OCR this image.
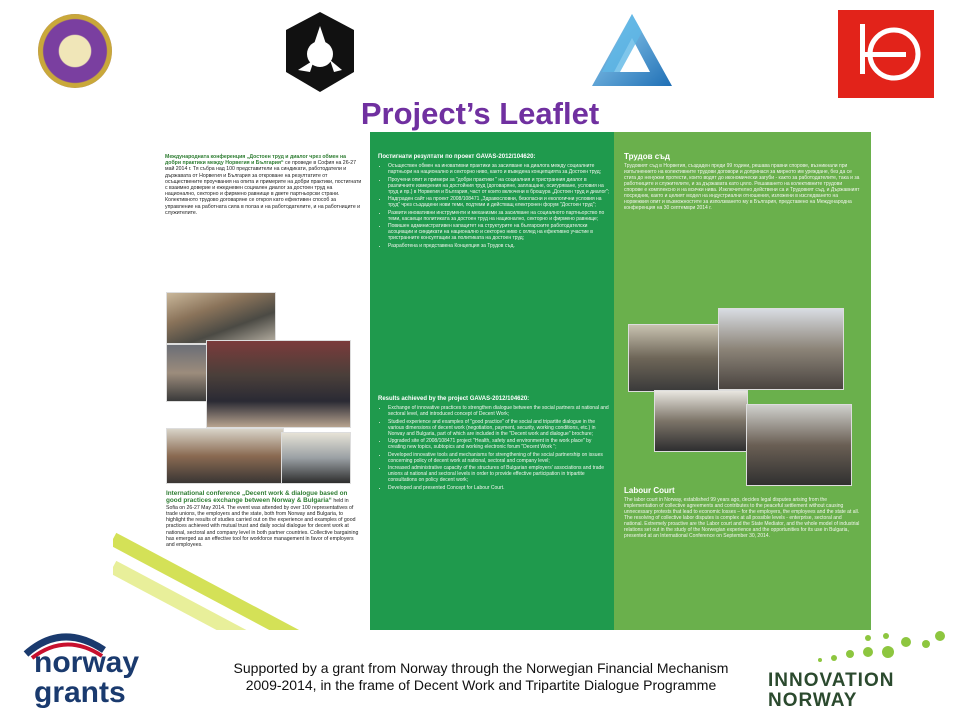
Project’s Leaflet
Международната конференция „Достоен труд и диалог чрез обмен на добри практики между Норвегия и България“ се проведе в София на 26-27 май 2014 г. Тя събра над 100 представители на синдикати, работодатели и държавата от Норвегия и България за откроване на резултатите от осъществените проучвания на опита и примерите на добри практики, постигнати с взаимно доверие и ежедневен социален диалог за достоен труд на национално, секторно и фирмено равнище в двете партньорски страни. Колективното трудово договаряне се откроя като ефективен способ за управление на работната сила в полза и на работодателите, и на работниците и служителите.
International conference „Decent work & dialogue based on good practices exchange between Norway & Bulgaria“ held in Sofia on 26-27 May 2014. The event was attended by over 100 representatives of trade unions, the employers and the state, both from Norway and Bulgaria, to highlight the results of studies carried out on the experience and examples of good practices achieved with mutual trust and daily social dialogue for decent work at national, sectoral and company level in both partner countries. Collective bargaining has emerged as an effective tool for workforce management in favor of employers and employees.
Постигнати резултати по проект GAVAS-2012/104620:
• Осъществен обмен на иновативни практики за засилване на диалога между социалните партньори на национално и секторно ниво, както и въведена концепцията за Достоен труд;
• Проучени опит и примери за "добри практики " на социалния и тристранния диалог в различните измерения на достойния труд (договаряне, заплащане, осигуряване, условия на труд и пр.) в Норвегия и България, част от които включени в брошура „Достоен труд и диалог";
• Надграден сайт на проект 2008/108471 „Здравословни, безопасни и екологични условия на труд" чрез създадени нови теми, подтеми и действащ електронен форум "Достоен труд";
• Развити иновативни инструменти и механизми за засилване на социалното партньорство по теми, касаещи политиката за достоен труд на национално, секторно и фирмено равнище;
• Повишен административен капацитет на структурите на българските работодателски асоциации и синдикати на национално и секторно ниво с оглед на ефективно участие в тристранните консултации за политиката на достоен труд;
• Разработена и представена Концепция за Трудов съд.
Results achieved by the project GAVAS-2012/104620:
• Exchange of innovative practices to strengthen dialogue between the social partners at national and sectoral level, and introduced concept of Decent Work;
• Studied experience and examples of "good practice" of the social and tripartite dialogue in the various dimensions of decent work (negotiation, payment, security, working conditions, etc.) in Norway and Bulgaria, part of which are included in the "Decent work and dialogue" brochure;
• Upgraded site of 2008/108471 project "Health, safety and environment in the work place" by creating new topics, subtopics and working electronic forum "Decent Work ";
• Developed innovative tools and mechanisms for strengthening of the social partnership on issues concerning policy of decent work at national, sectoral and company level;
• Increased administrative capacity of the structures of Bulgarian employers' associations and trade unions at national and sectoral levels in order to provide effective participation in tripartite consultations on policy decent work;
• Developed and presented Concept for Labour Court.
Трудов съд
Трудовият съд в Норвегия, създаден преди 99 години, решава правни спорове, възникнали при изпълнението на колективните трудови договори и допринася за мирното им уреждане, без да се стига до ненужни протести, които водят до икономически загуби - както за работодателите, така и за работниците и служителите, и за държавата като цяло. Решаването на колективните трудови спорове е комплексно и на всички нива. Изключително действени са и Трудовият съд, и Държавният посредник, както и целият модел на индустриални отношения, изложени в изследването на норвежкия опит и възможностите за използването му в България, представено на Международна конференция на 30 септември 2014 г.
Labour Court
The labor court in Norway, established 99 years ago, decides legal disputes arising from the implementation of collective agreements and contributes to the peaceful settlement without causing unnecessary protests that lead to economic losses – for the employers, the employees and the state at all. The resolving of collective labor disputes is complex at all possible levels - enterprise, sectoral and national. Extremely proactive are the Labor court and the State Mediator, and the whole model of industrial relations set out in the study of the Norwegian experience and the opportunities for its use in Bulgaria, presented at an International Conference on September 30, 2014.
norway
grants
Supported by a grant from Norway through the Norwegian Financial Mechanism
2009-2014, in the frame of Decent Work and Tripartite Dialogue Programme	INNOVATION
NORWAY
